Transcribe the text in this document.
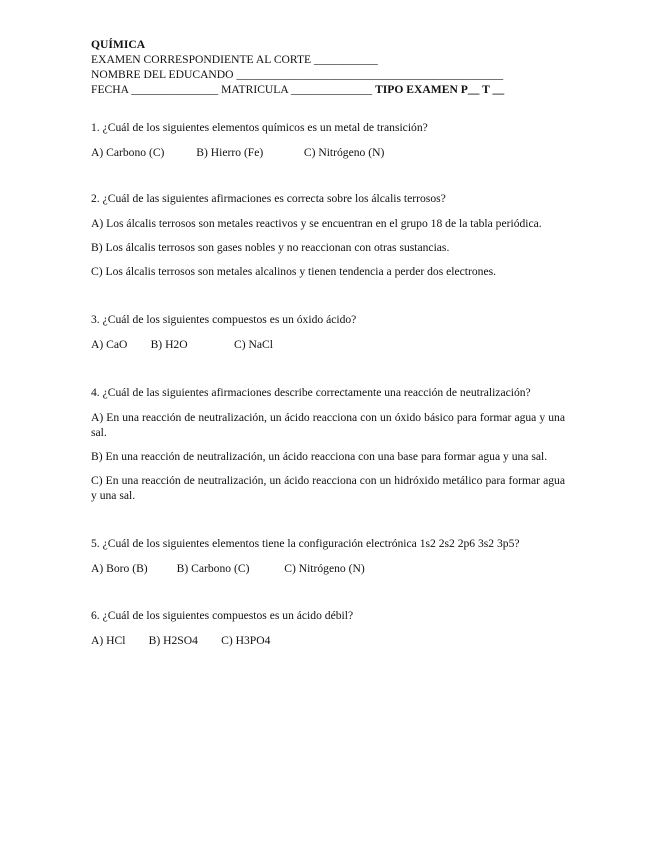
QUÍMICA
EXAMEN CORRESPONDIENTE AL CORTE ___________
NOMBRE DEL EDUCANDO ______________________________________________
FECHA _______________ MATRICULA ______________ TIPO EXAMEN P__ T __
1. ¿Cuál de los siguientes elementos químicos es un metal de transición?
A) Carbono (C)           B) Hierro (Fe)              C) Nitrógeno (N)
2. ¿Cuál de las siguientes afirmaciones es correcta sobre los álcalis terrosos?
A) Los álcalis terrosos son metales reactivos y se encuentran en el grupo 18 de la tabla periódica.
B) Los álcalis terrosos son gases nobles y no reaccionan con otras sustancias.
C) Los álcalis terrosos son metales alcalinos y tienen tendencia a perder dos electrones.
3. ¿Cuál de los siguientes compuestos es un óxido ácido?
A) CaO        B) H2O                C) NaCl
4. ¿Cuál de las siguientes afirmaciones describe correctamente una reacción de neutralización?
A) En una reacción de neutralización, un ácido reacciona con un óxido básico para formar agua y una sal.
B) En una reacción de neutralización, un ácido reacciona con una base para formar agua y una sal.
C) En una reacción de neutralización, un ácido reacciona con un hidróxido metálico para formar agua y una sal.
5. ¿Cuál de los siguientes elementos tiene la configuración electrónica 1s2 2s2 2p6 3s2 3p5?
A) Boro (B)          B) Carbono (C)            C) Nitrógeno (N)
6. ¿Cuál de los siguientes compuestos es un ácido débil?
A) HCl        B) H2SO4        C) H3PO4
